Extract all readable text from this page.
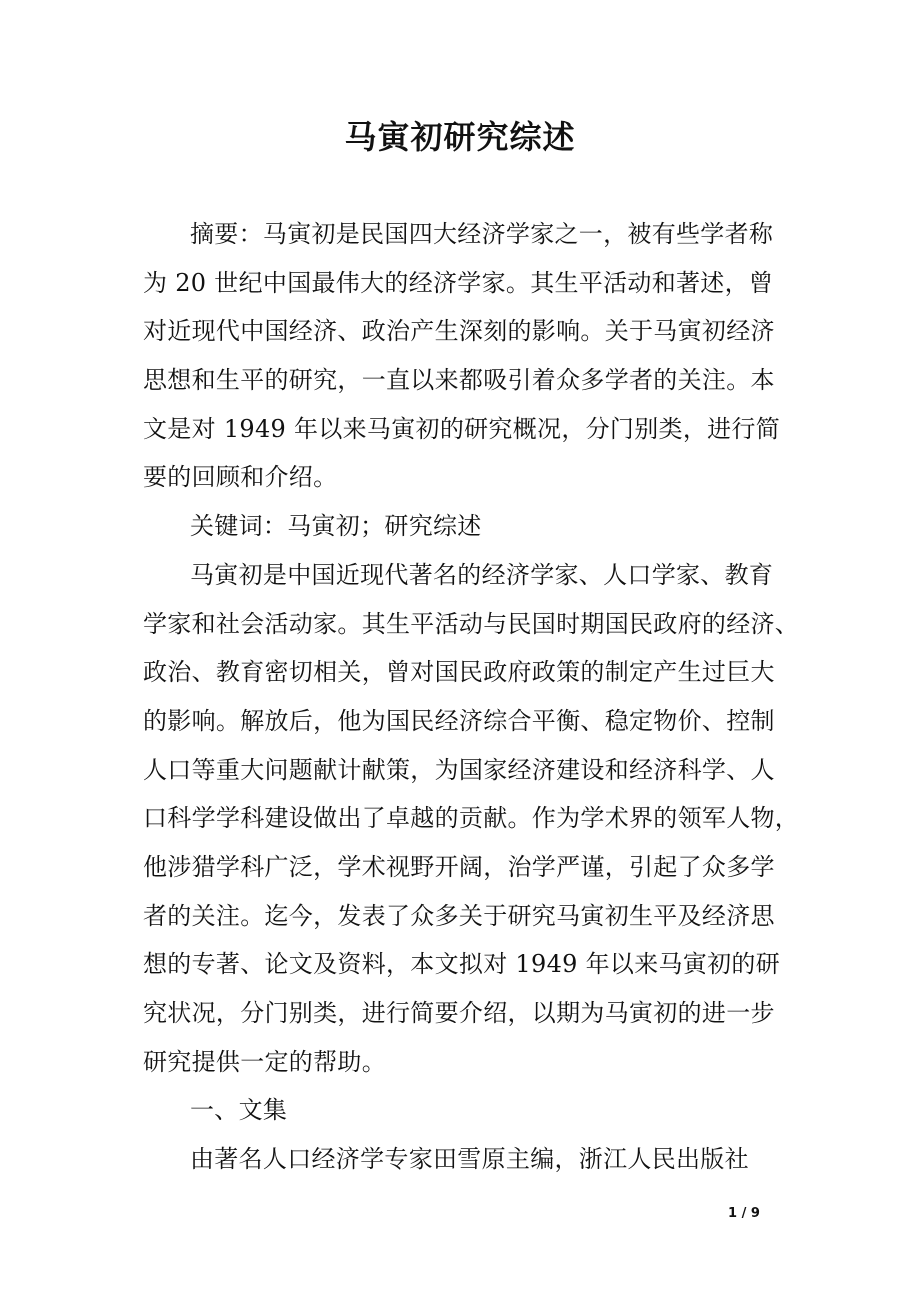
马寅初研究综述
摘要：马寅初是民国四大经济学家之一，被有些学者称
为 20 世纪中国最伟大的经济学家。其生平活动和著述，曾
对近现代中国经济、政治产生深刻的影响。关于马寅初经济
思想和生平的研究，一直以来都吸引着众多学者的关注。本
文是对 1949 年以来马寅初的研究概况，分门别类，进行简
要的回顾和介绍。
关键词：马寅初；研究综述
马寅初是中国近现代著名的经济学家、人口学家、教育
学家和社会活动家。其生平活动与民国时期国民政府的经济、
政治、教育密切相关，曾对国民政府政策的制定产生过巨大
的影响。解放后，他为国民经济综合平衡、稳定物价、控制
人口等重大问题献计献策，为国家经济建设和经济科学、人
口科学学科建设做出了卓越的贡献。作为学术界的领军人物，
他涉猎学科广泛，学术视野开阔，治学严谨，引起了众多学
者的关注。迄今，发表了众多关于研究马寅初生平及经济思
想的专著、论文及资料，本文拟对 1949 年以来马寅初的研
究状况，分门别类，进行简要介绍，以期为马寅初的进一步
研究提供一定的帮助。
一、文集
由著名人口经济学专家田雪原主编，浙江人民出版社
1 / 9
